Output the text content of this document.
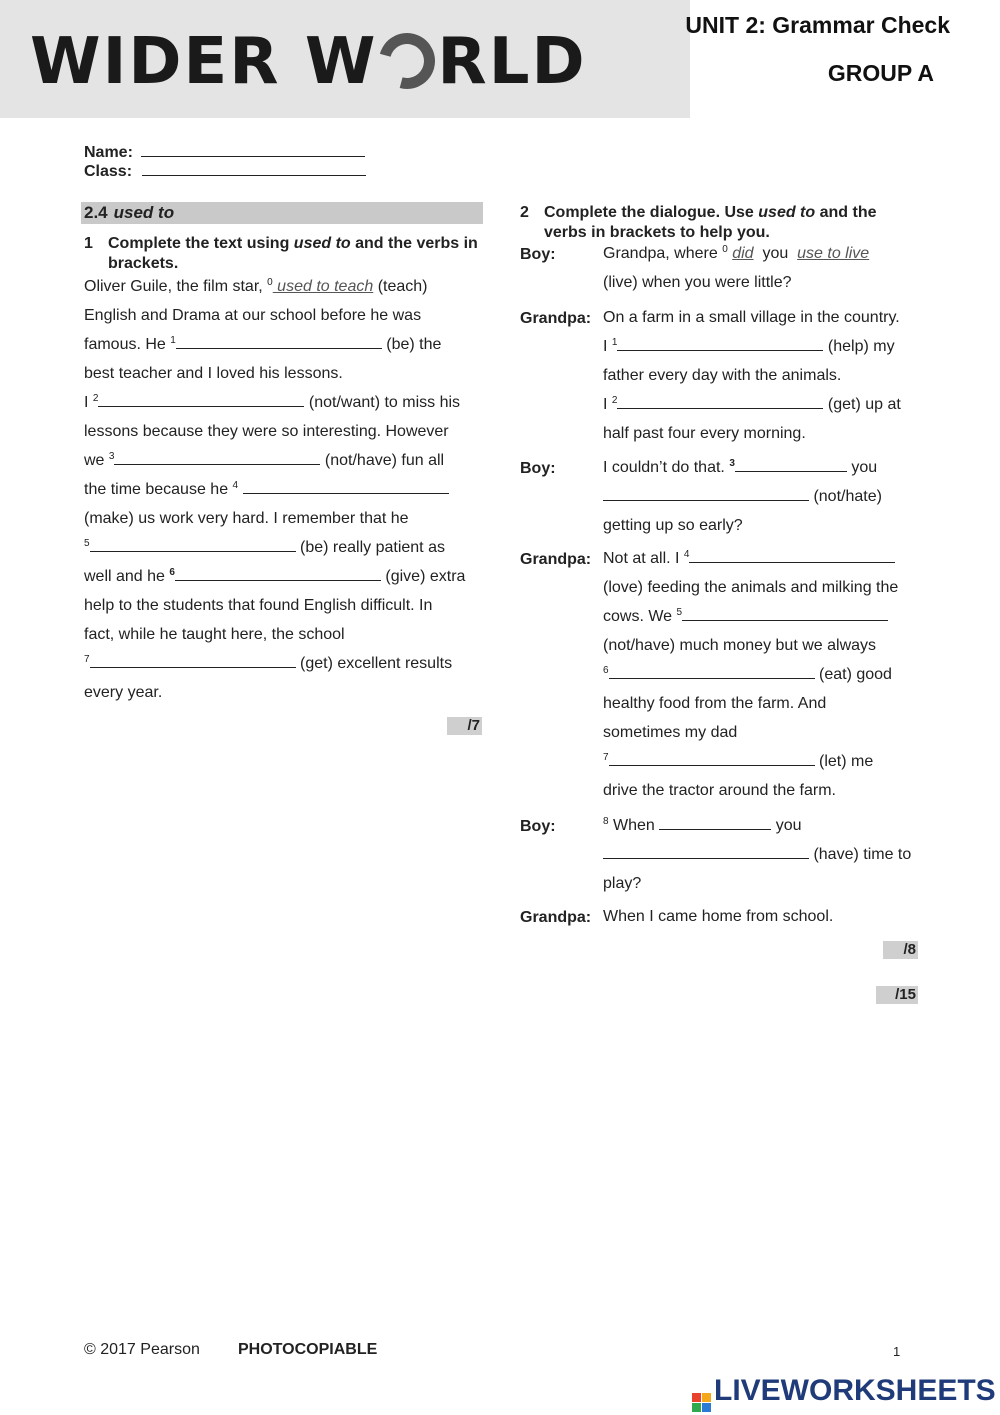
WIDER W RLD	UNIT 2: Grammar Check
GROUP A
Name:
Class:
2.4 used to
1 Complete the text using used to and the verbs in brackets.
Oliver Guile, the film star, $^0$ used to teach (teach)
English and Drama at our school before he was
famous. He $^1$	(be) the
best teacher and I loved his lessons.
I $^2$	(not/want) to miss his
lessons because they were so interesting. However
we $^3$	(not/have) fun all
the time because he $^4$
(make) us work very hard. I remember that he
$^5$	(be) really patient as
well and he $^6$	(give) extra
help to the students that found English difficult. In
fact, while he taught here, the school
$^7$	(get) excellent results
every year.
/7
2 Complete the dialogue. Use used to and the verbs in brackets to help you.
Boy:	Grandpa, where $^0$ did  you  use to live
(live) when you were little?
Grandpa: On a farm in a small village in the country.
I $^1$	(help) my
father every day with the animals.
I $^2$	(get) up at
half past four every morning.
Boy:	I couldn’t do that. $^3$	you
(not/hate)
getting up so early?
Grandpa: Not at all. I $^4$
(love) feeding the animals and milking the
cows. We $^5$
(not/have) much money but we always
$^6$	(eat) good
healthy food from the farm. And
sometimes my dad
$^7$	(let) me
drive the tractor around the farm.
Boy:	$^8$ When	you
(have) time to
play?
Grandpa: When I came home from school.
/8
/15
© 2017 Pearson PHOTOCOPIABLE	1
LIVEWORKSHEETS
